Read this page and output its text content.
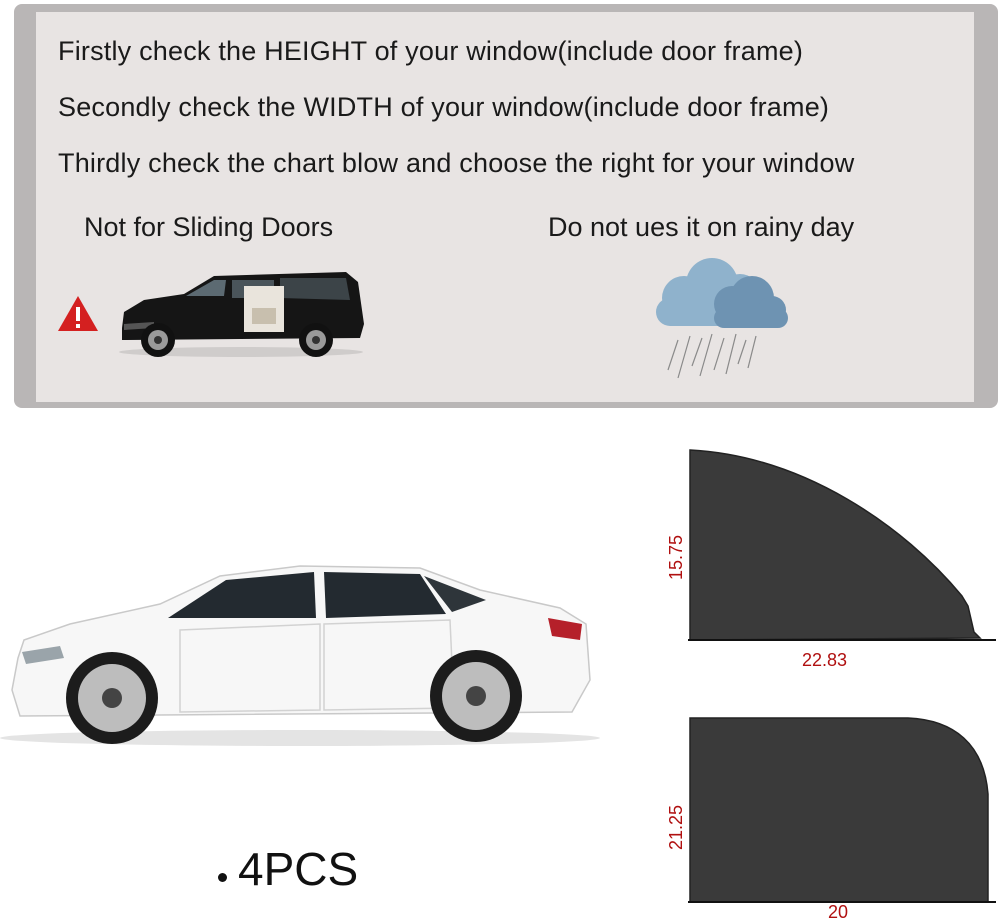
Firstly check the HEIGHT of your window(include door frame)
Secondly check the WIDTH of your window(include door frame)
Thirdly check the chart blow and choose the right for your window
Not for Sliding Doors	Do not ues it on rainy day
15.75
22.83
21.25
20
4PCS
